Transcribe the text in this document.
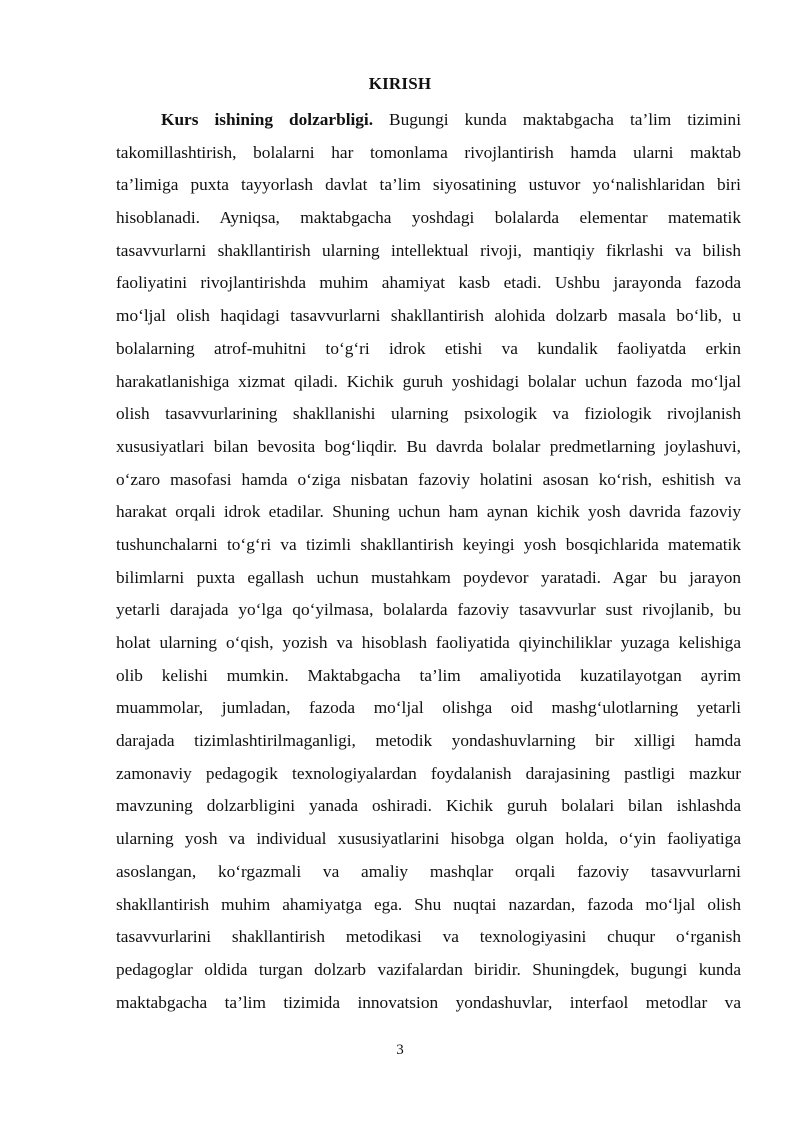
KIRISH
Kurs ishining dolzarbligi. Bugungi kunda maktabgacha ta’lim tizimini
takomillashtirish, bolalarni har tomonlama rivojlantirish hamda ularni maktab
ta’limiga puxta tayyorlash davlat ta’lim siyosatining ustuvor yo‘nalishlaridan biri
hisoblanadi. Ayniqsa, maktabgacha yoshdagi bolalarda elementar matematik
tasavvurlarni shakllantirish ularning intellektual rivoji, mantiqiy fikrlashi va bilish
faoliyatini rivojlantirishda muhim ahamiyat kasb etadi. Ushbu jarayonda fazoda
mo‘ljal olish haqidagi tasavvurlarni shakllantirish alohida dolzarb masala bo‘lib, u
bolalarning atrof-muhitni to‘g‘ri idrok etishi va kundalik faoliyatda erkin
harakatlanishiga xizmat qiladi. Kichik guruh yoshidagi bolalar uchun fazoda mo‘ljal
olish tasavvurlarining shakllanishi ularning psixologik va fiziologik rivojlanish
xususiyatlari bilan bevosita bog‘liqdir. Bu davrda bolalar predmetlarning joylashuvi,
o‘zaro masofasi hamda o‘ziga nisbatan fazoviy holatini asosan ko‘rish, eshitish va
harakat orqali idrok etadilar. Shuning uchun ham aynan kichik yosh davrida fazoviy
tushunchalarni to‘g‘ri va tizimli shakllantirish keyingi yosh bosqichlarida matematik
bilimlarni puxta egallash uchun mustahkam poydevor yaratadi. Agar bu jarayon
yetarli darajada yo‘lga qo‘yilmasa, bolalarda fazoviy tasavvurlar sust rivojlanib, bu
holat ularning o‘qish, yozish va hisoblash faoliyatida qiyinchiliklar yuzaga kelishiga
olib kelishi mumkin. Maktabgacha ta’lim amaliyotida kuzatilayotgan ayrim
muammolar, jumladan, fazoda mo‘ljal olishga oid mashg‘ulotlarning yetarli
darajada tizimlashtirilmaganligi, metodik yondashuvlarning bir xilligi hamda
zamonaviy pedagogik texnologiyalardan foydalanish darajasining pastligi mazkur
mavzuning dolzarbligini yanada oshiradi. Kichik guruh bolalari bilan ishlashda
ularning yosh va individual xususiyatlarini hisobga olgan holda, o‘yin faoliyatiga
asoslangan, ko‘rgazmali va amaliy mashqlar orqali fazoviy tasavvurlarni
shakllantirish muhim ahamiyatga ega. Shu nuqtai nazardan, fazoda mo‘ljal olish
tasavvurlarini shakllantirish metodikasi va texnologiyasini chuqur o‘rganish
pedagoglar oldida turgan dolzarb vazifalardan biridir. Shuningdek, bugungi kunda
maktabgacha ta’lim tizimida innovatsion yondashuvlar, interfaol metodlar va
3
